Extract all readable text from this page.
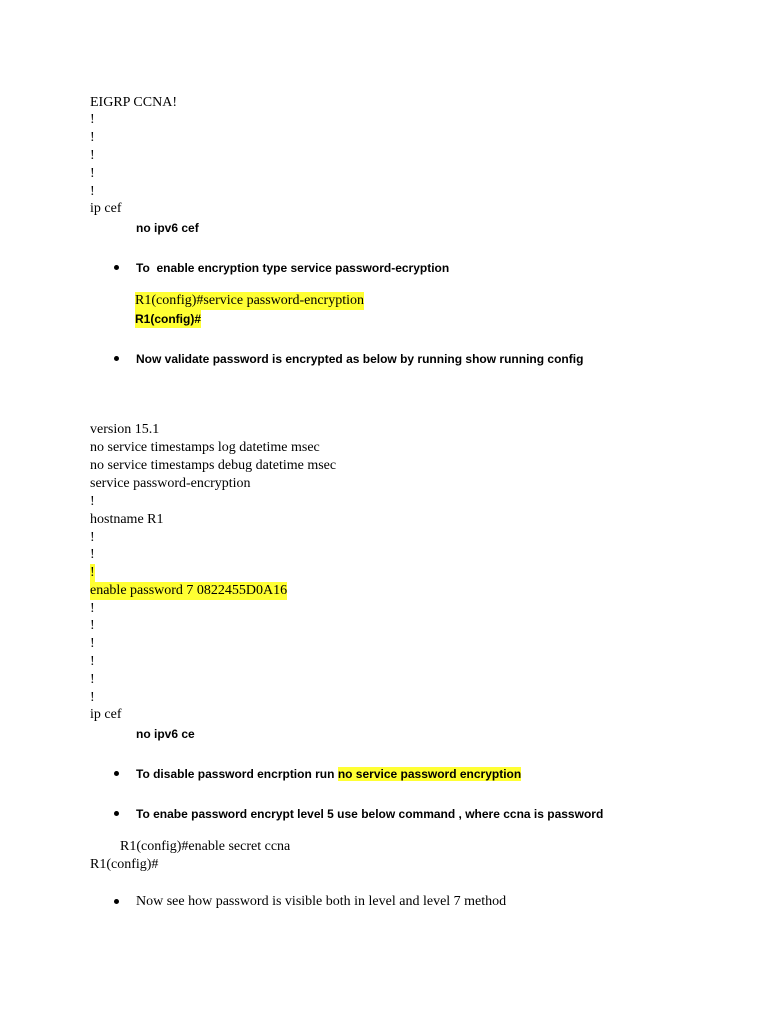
EIGRP CCNA!
!
!
!
!
!
ip cef
no ipv6 cef
To  enable encryption type service password-ecryption
R1(config)#service password-encryption
R1(config)#
Now validate password is encrypted as below by running show running config
version 15.1
no service timestamps log datetime msec
no service timestamps debug datetime msec
service password-encryption
!
hostname R1
!
!
!
enable password 7 0822455D0A16
!
!
!
!
!
!
ip cef
no ipv6 ce
To disable password encrption run no service password encryption
To enabe password encrypt level 5 use below command , where ccna is password
R1(config)#enable secret ccna
R1(config)#
Now see how password is visible both in level and level 7 method
